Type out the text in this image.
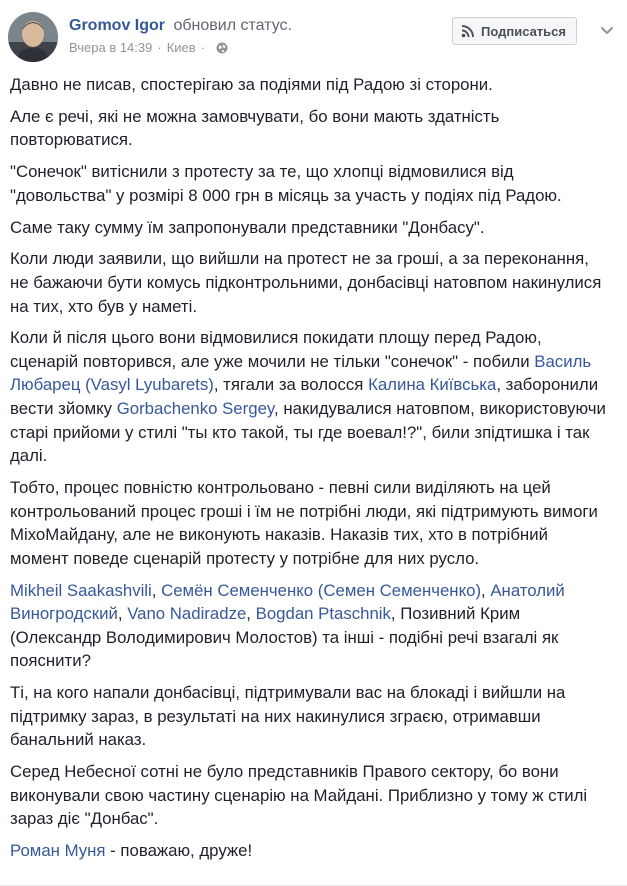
Gromov Igor обновил статус.
Вчера в 14:39 · Киев ·
Подписаться

Давно не писав, спостерігаю за подіями під Радою зі сторони.

Але є речі, які не можна замовчувати, бо вони мають здатність повторюватися.

"Сонечок" витіснили з протесту за те, що хлопці відмовилися від "довольства" у розмірі 8 000 грн в місяць за участь у подіях під Радою.

Саме таку сумму їм запропонували представники "Донбасу".

Коли люди заявили, що вийшли на протест не за гроші, а за переконання, не бажаючи бути комусь підконтрольними, донбасівці натовпом накинулися на тих, хто був у наметі.

Коли й після цього вони відмовилися покидати площу перед Радою, сценарій повторився, але уже мочили не тільки "сонечок" - побили Василь Любарец (Vasyl Lyubarets), тягали за волосся Калина Київська, заборонили вести зйомку Gorbachenko Sergey, накидувалися натовпом, використовуючи старі прийоми у стилі "ты кто такой, ты где воевал!?", били зпідтишка і так далі.

Тобто, процес повністю контрольовано - певні сили виділяють на цей контрольований процес гроші і їм не потрібні люди, які підтримують вимоги МіхоМайдану, але не виконують наказів. Наказів тих, хто в потрібний момент поведе сценарій протесту у потрібне для них русло.

Mikheil Saakashvili, Семён Семенченко (Семен Семенченко), Анатолий Виногродский, Vano Nadiradze, Bogdan Ptaschnik, Позивний Крим (Олександр Володимирович Молостов) та інші - подібні речі взагалі як пояснити?

Ті, на кого напали донбасівці, підтримували вас на блокаді і вийшли на підтримку зараз, в результаті на них накинулися зграєю, отримавши банальний наказ.

Серед Небесної сотні не було представників Правого сектору, бо вони виконували свою частину сценарію на Майдані. Приблизно у тому ж стилі зараз діє "Донбас".

Роман Муня - поважаю, друже!
